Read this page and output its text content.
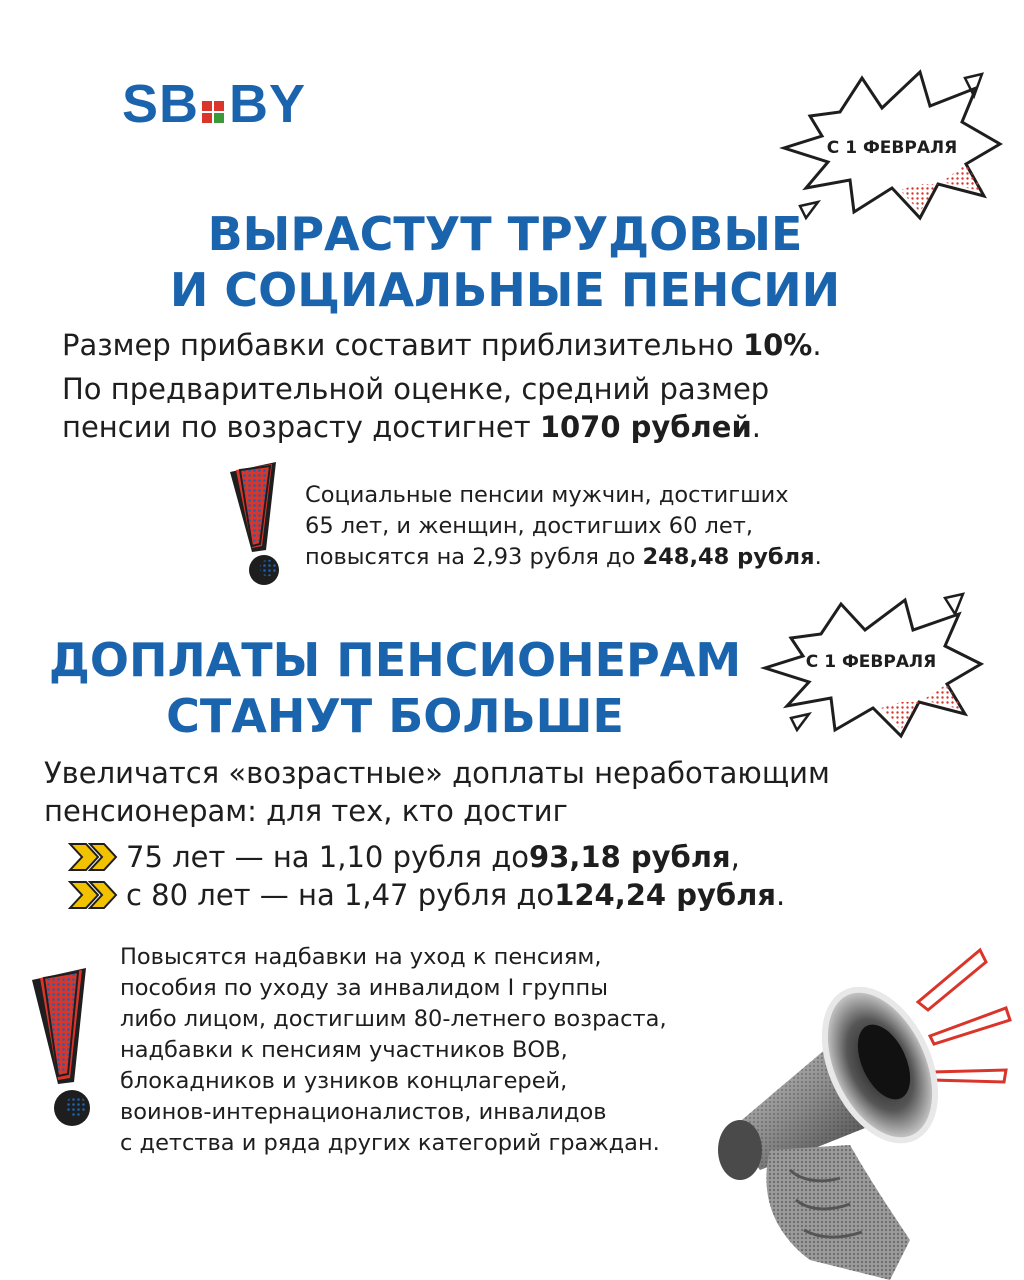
SB BY
С 1 ФЕВРАЛЯ
ВЫРАСТУТ ТРУДОВЫЕ
И СОЦИАЛЬНЫЕ ПЕНСИИ
Размер прибавки составит приблизительно 10%.
По предварительной оценке, средний размер
пенсии по возрасту достигнет 1070 рублей.
Социальные пенсии мужчин, достигших
65 лет, и женщин, достигших 60 лет,
повысятся на 2,93 рубля до 248,48 рубля.
С 1 ФЕВРАЛЯ
ДОПЛАТЫ ПЕНСИОНЕРАМ
СТАНУТ БОЛЬШЕ
Увеличатся «возрастные» доплаты неработающим
пенсионерам: для тех, кто достиг
75 лет — на 1,10 рубля до 93,18 рубля ,
с 80 лет — на 1,47 рубля до 124,24 рубля .
Повысятся надбавки на уход к пенсиям,
пособия по уходу за инвалидом I группы
либо лицом, достигшим 80-летнего возраста,
надбавки к пенсиям участников ВОВ,
блокадников и узников концлагерей,
воинов-интернационалистов, инвалидов
с детства и ряда других категорий граждан.
